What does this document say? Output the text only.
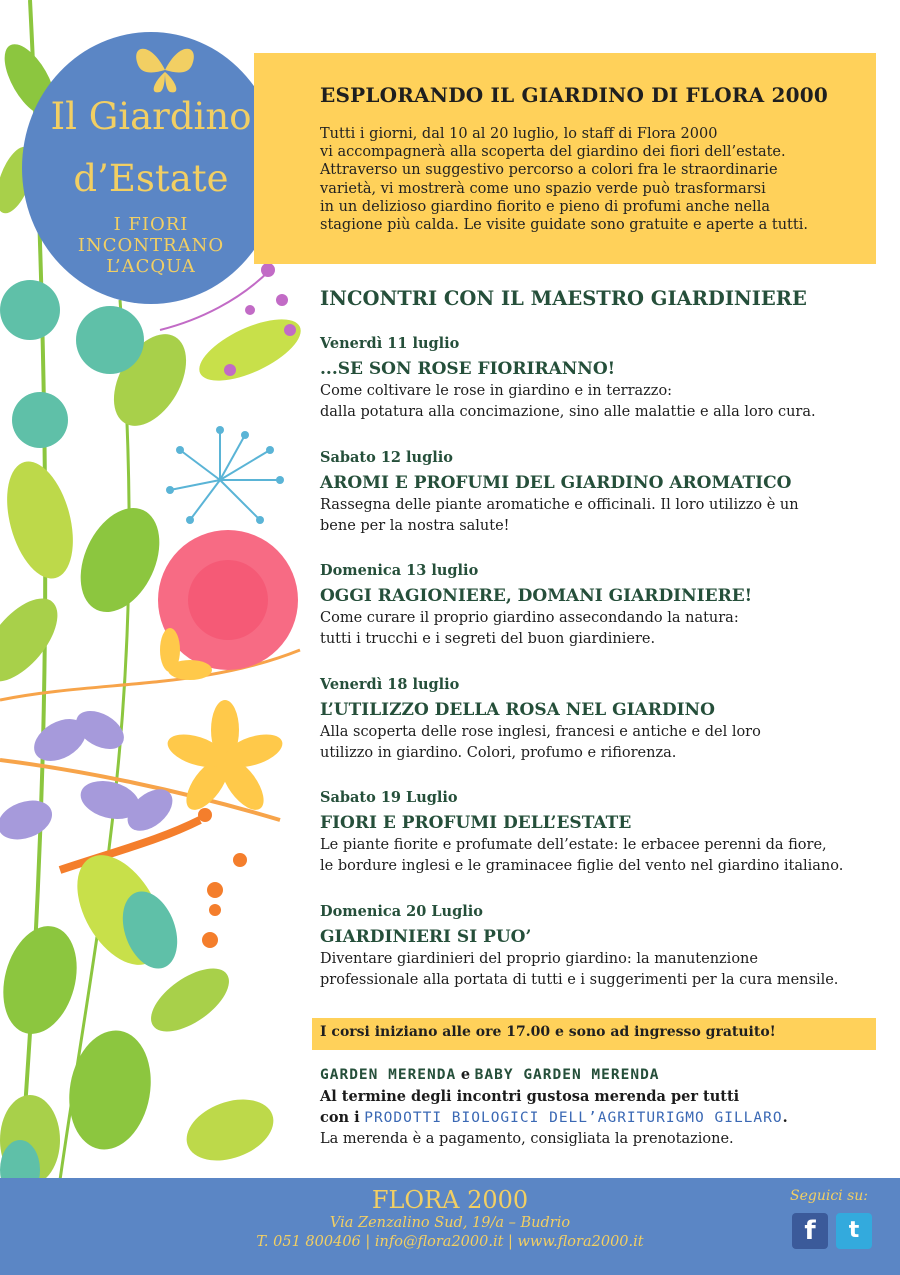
Il Giardino
d’Estate
I FIORI
INCONTRANO
L’ACQUA
ESPLORANDO IL GIARDINO DI FLORA 2000

Tutti i giorni, dal 10 al 20 luglio, lo staff di Flora 2000
vi accompagnerà alla scoperta del giardino dei fiori dell’estate.
Attraverso un suggestivo percorso a colori fra le straordinarie
varietà, vi mostrerà come uno spazio verde può trasformarsi
in un delizioso giardino fiorito e pieno di profumi anche nella
stagione più calda. Le visite guidate sono gratuite e aperte a tutti.

INCONTRI CON IL MAESTRO GIARDINIERE
Venerdì 11 luglio
...SE SON ROSE FIORIRANNO!
Come coltivare le rose in giardino e in terrazzo:
dalla potatura alla concimazione, sino alle malattie e alla loro cura.
Sabato 12 luglio
AROMI E PROFUMI DEL GIARDINO AROMATICO
Rassegna delle piante aromatiche e officinali. Il loro utilizzo è un
bene per la nostra salute!
Domenica 13 luglio
OGGI RAGIONIERE, DOMANI GIARDINIERE!
Come curare il proprio giardino assecondando la natura:
tutti i trucchi e i segreti del buon giardiniere.
Venerdì 18 luglio
L’UTILIZZO DELLA ROSA NEL GIARDINO
Alla scoperta delle rose inglesi, francesi e antiche e del loro
utilizzo in giardino. Colori, profumo e rifiorenza.
Sabato 19 Luglio
FIORI E PROFUMI DELL’ESTATE
Le piante fiorite e profumate dell’estate: le erbacee perenni da fiore,
le bordure inglesi e le graminacee figlie del vento nel giardino italiano.
Domenica 20 Luglio
GIARDINIERI SI PUO’
Diventare giardinieri del proprio giardino: la manutenzione
professionale alla portata di tutti e i suggerimenti per la cura mensile.
I corsi iniziano alle ore 17.00 e sono ad ingresso gratuito!
GARDEN MERENDA e BABY GARDEN MERENDA
Al termine degli incontri gustosa merenda per tutti
con i PRODOTTI BIOLOGICI DELL’AGRITURIGMO GILLARO.
La merenda è a pagamento, consigliata la prenotazione.
FLORA 2000
Via Zenzalino Sud, 19/a – Budrio
T. 051 800406 | info@flora2000.it | www.flora2000.it
Seguici su:
f	t
